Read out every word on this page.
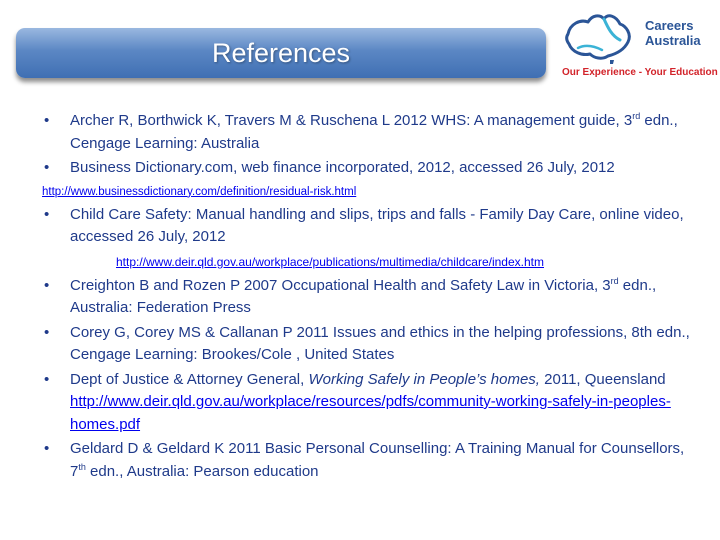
References
Careers
Australia
Our Experience - Your Education
• Archer R, Borthwick K, Travers M & Ruschena L 2012 WHS: A management guide, 3rd edn., Cengage Learning: Australia
• Business Dictionary.com, web finance incorporated, 2012, accessed 26 July, 2012
http://www.businessdictionary.com/definition/residual-risk.html
• Child Care Safety: Manual handling and slips, trips and falls - Family Day Care, online video, accessed 26 July, 2012
http://www.deir.qld.gov.au/workplace/publications/multimedia/childcare/index.htm
• Creighton B and Rozen P 2007 Occupational Health and Safety Law in Victoria, 3rd edn., Australia: Federation Press
• Corey G, Corey MS & Callanan P 2011 Issues and ethics in the helping professions, 8th edn., Cengage Learning: Brookes/Cole , United States
• Dept of Justice & Attorney General, Working Safely in People’s homes, 2011, Queensland   http://www.deir.qld.gov.au/workplace/resources/pdfs/community-working-safely-in-peoples-homes.pdf
• Geldard D & Geldard K 2011 Basic Personal Counselling: A Training Manual for Counsellors, 7th edn., Australia: Pearson education
